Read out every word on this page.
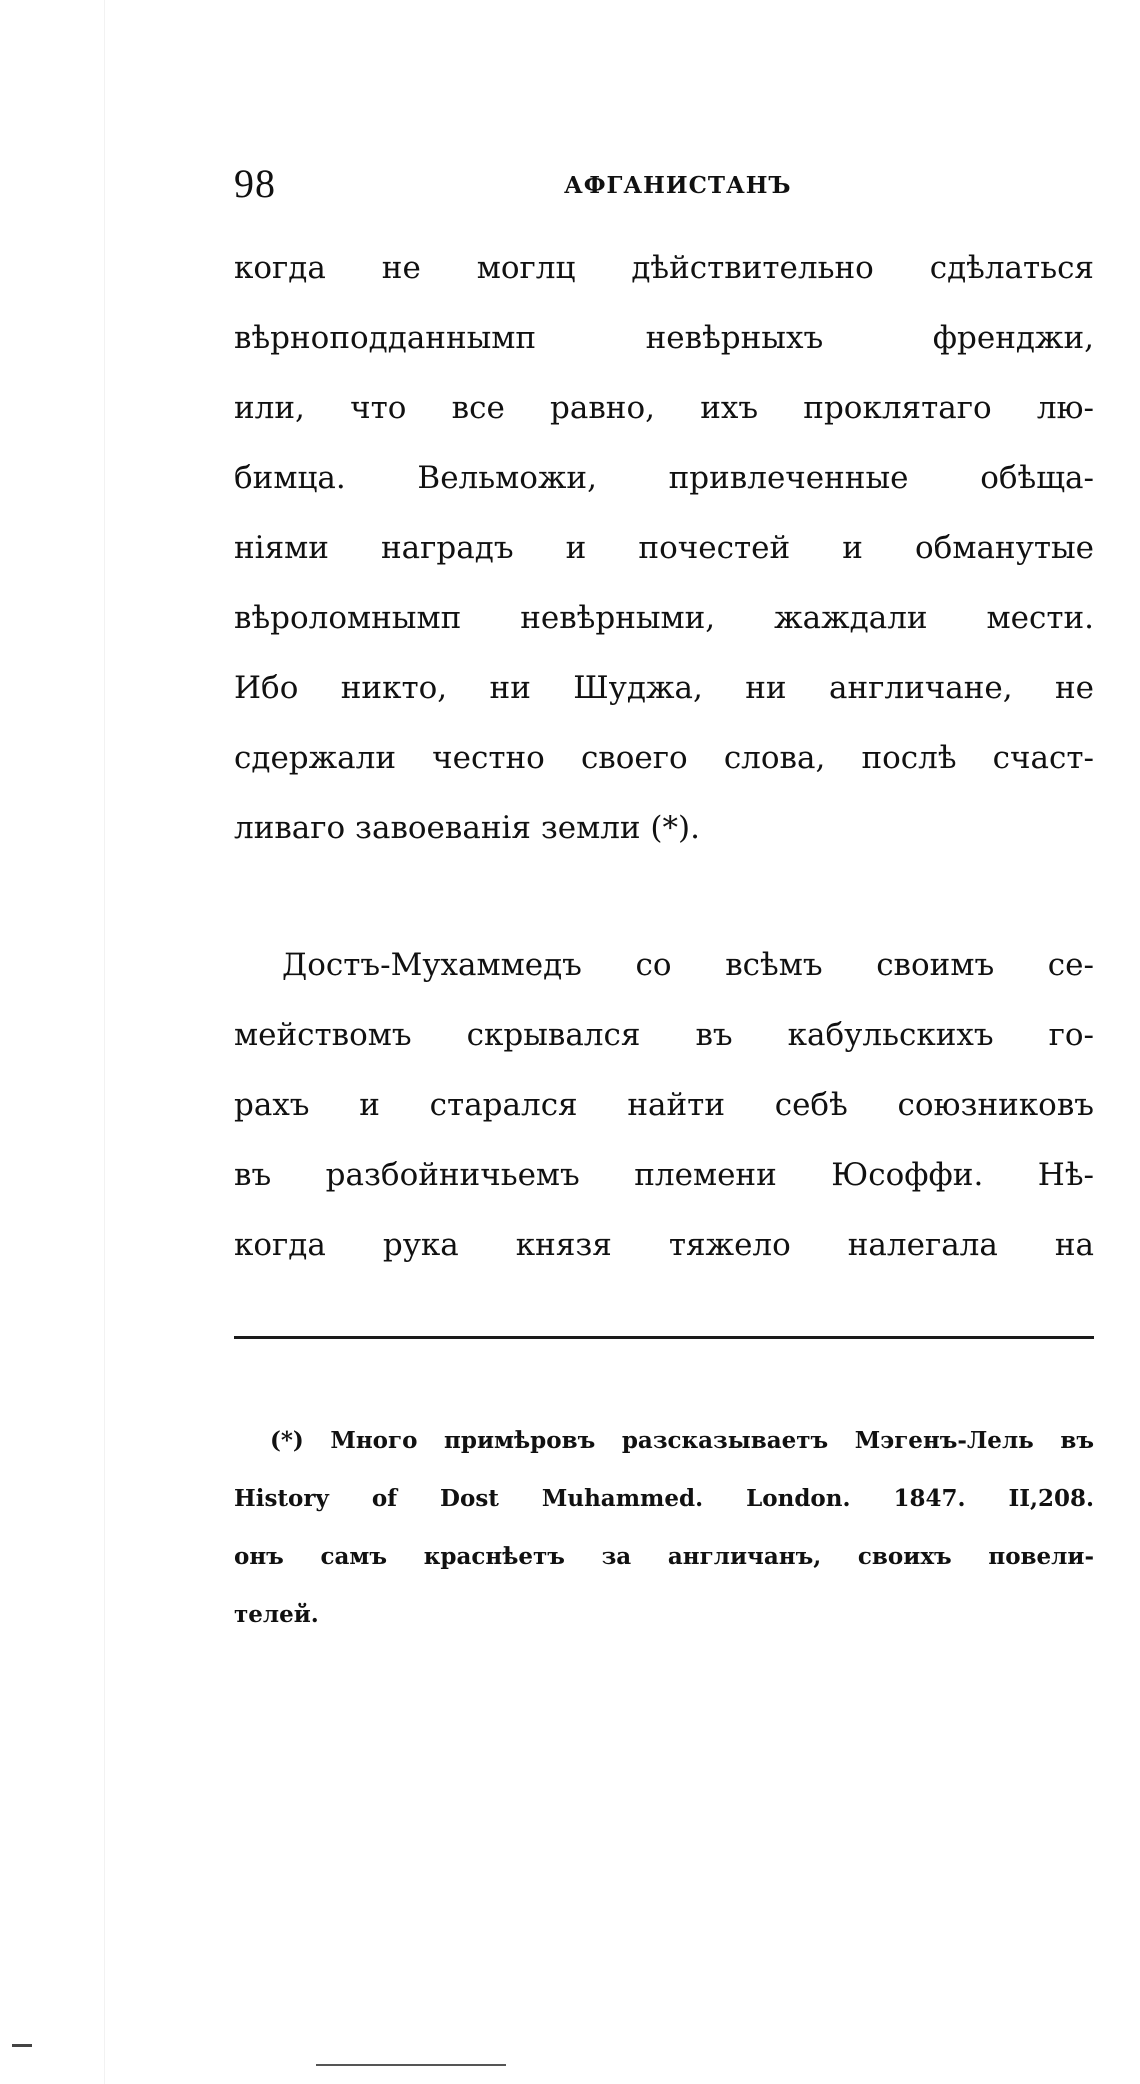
98	АФГАНИСТАНЪ
когда не моглц дѣйствительно сдѣлаться
вѣрноподданнымп невѣрныхъ френджи,
или, что все равно, ихъ проклятаго лю-
бимца. Вельможи, привлеченные обѣща-
ніями наградъ и почестей и обманутые
вѣроломнымп невѣрными, жаждали мести.
Ибо никто, ни Шуджа, ни англичане, не
сдержали честно своего слова, послѣ счаст-
ливаго завоеванія земли (*).
Достъ-Мухаммедъ со всѣмъ своимъ се-
мействомъ скрывался въ кабульскихъ го-
рахъ и старался найти себѣ союзниковъ
въ разбойничьемъ племени Юсоффи. Нѣ-
когда рука князя тяжело налегала на
(*) Много примѣровъ разсказываетъ Мэгенъ-Лель въ
History of Dost Muhammed. London. 1847. II,208.
онъ самъ краснѣетъ за англичанъ, своихъ повели-
телей.
